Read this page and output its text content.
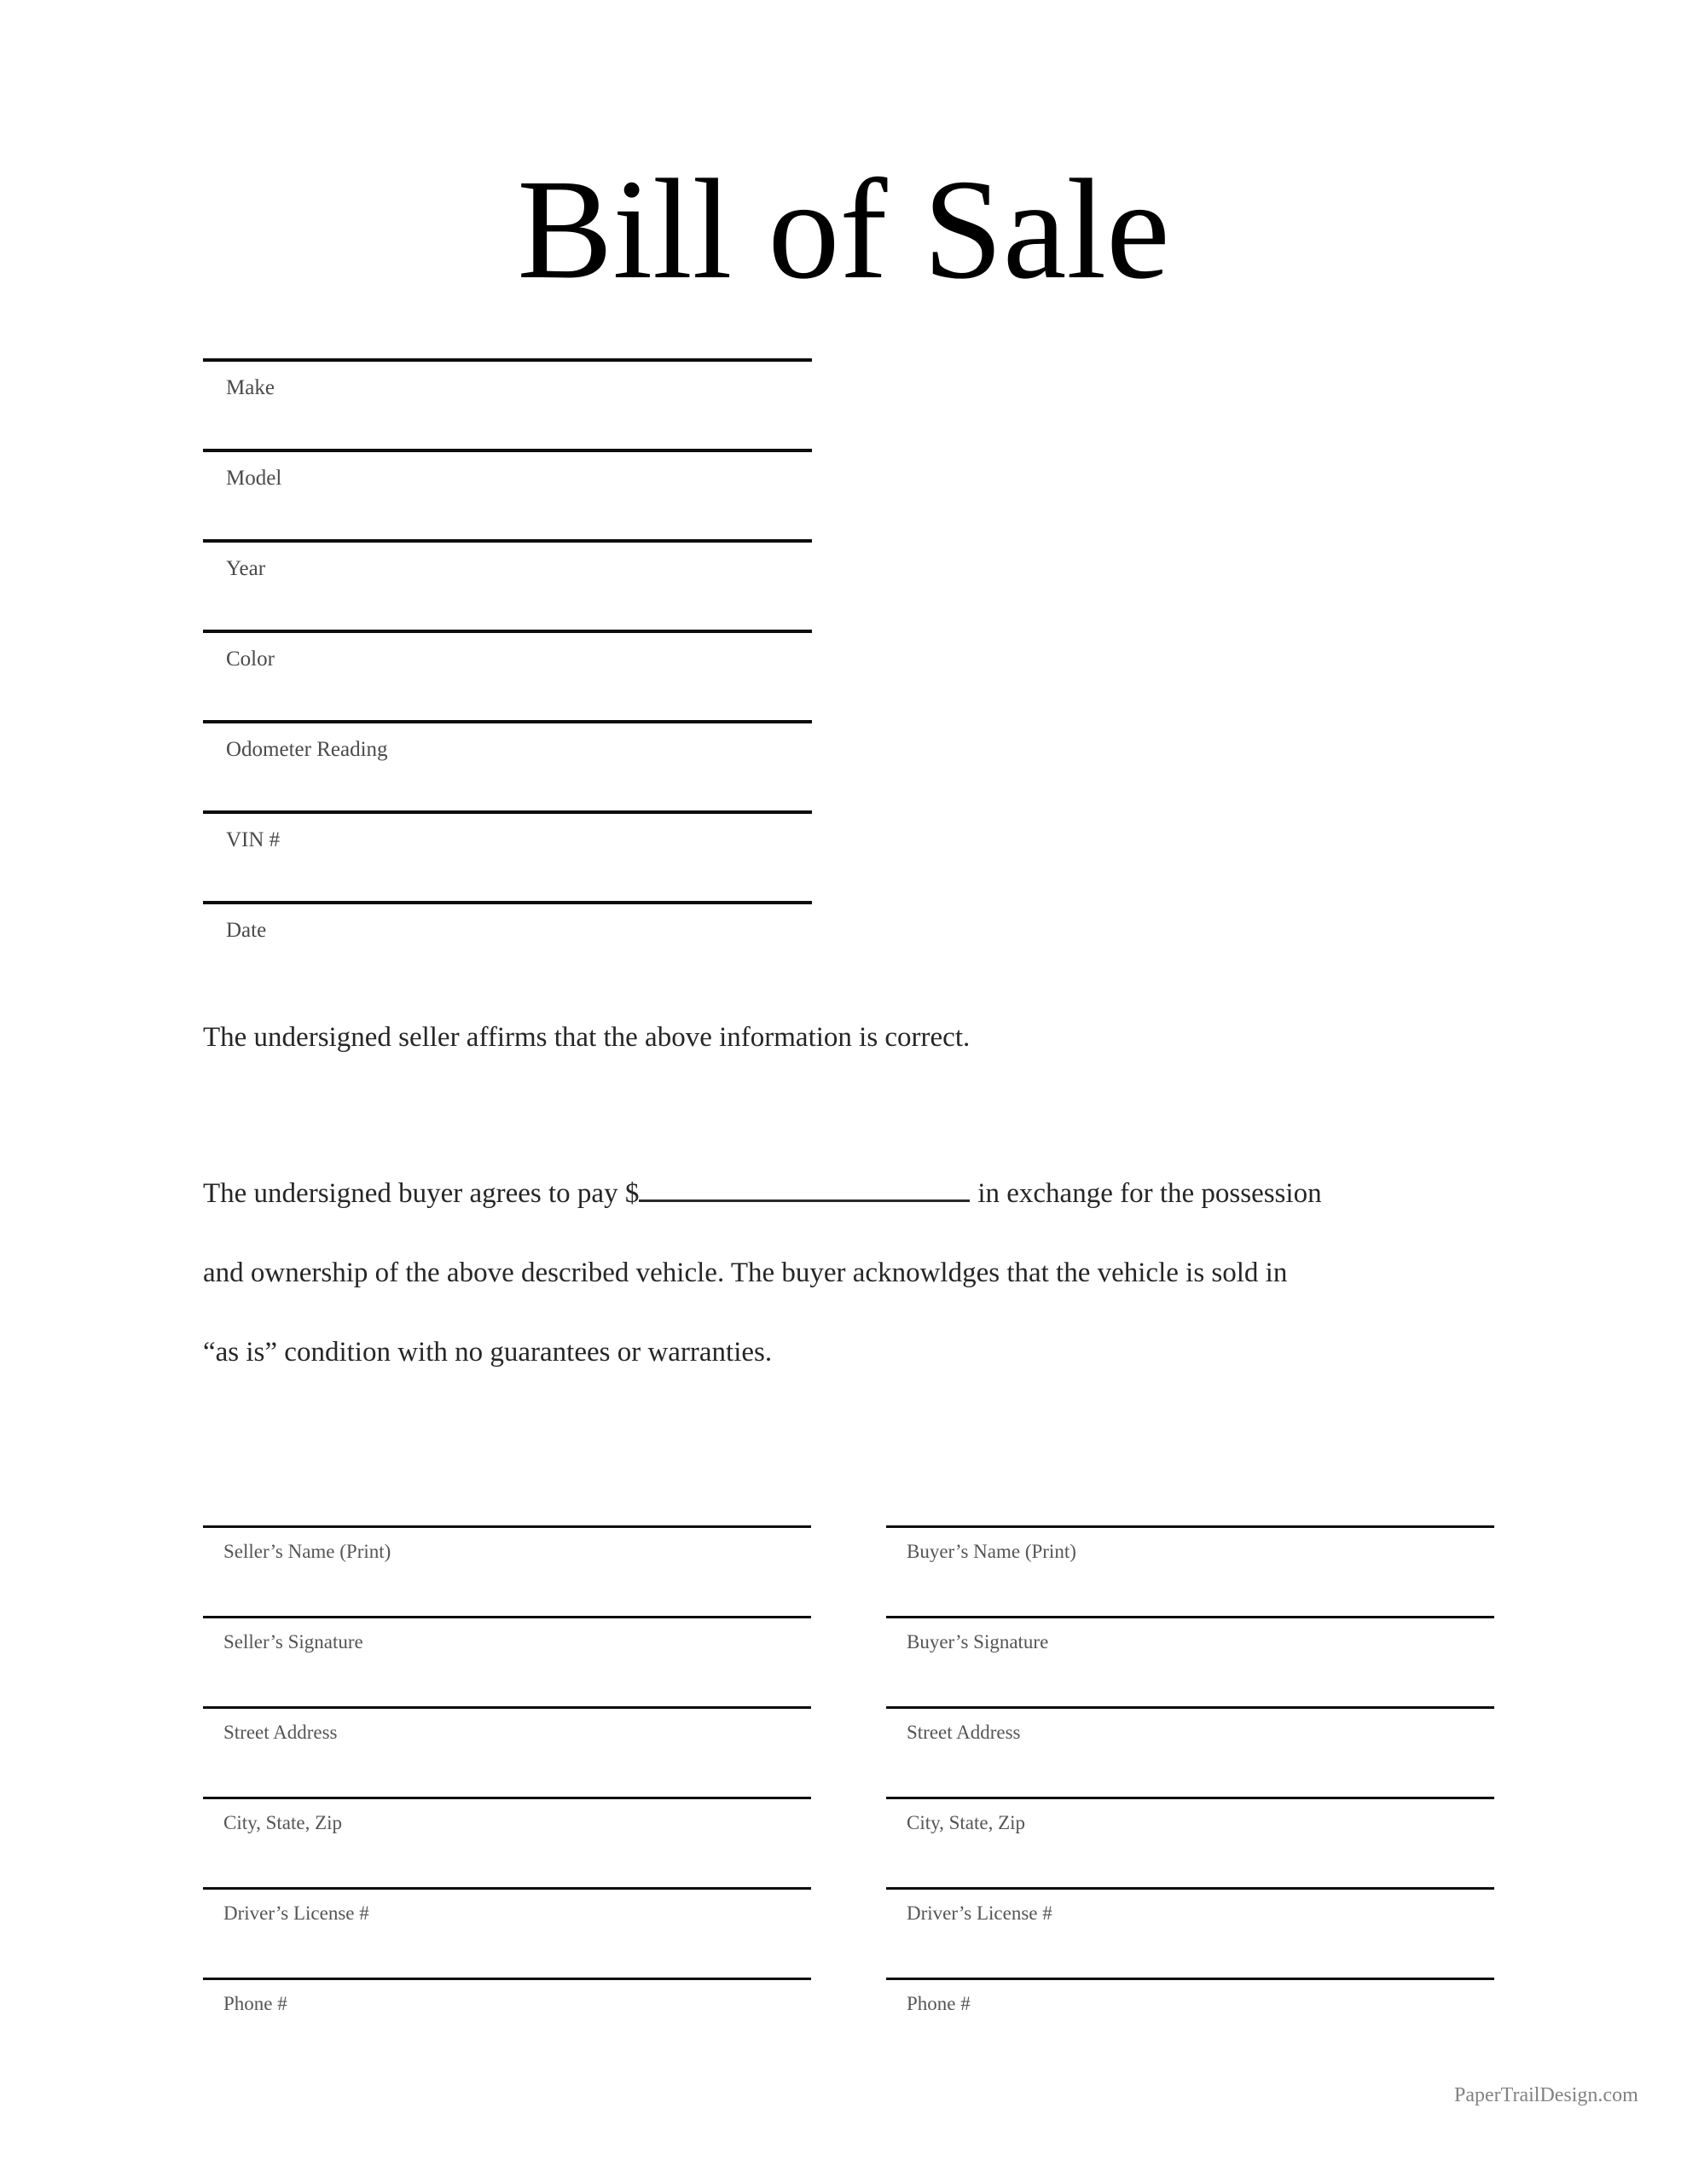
Bill of Sale
Make
Model
Year
Color
Odometer Reading
VIN #
Date

The undersigned seller affirms that the above information is correct.

The undersigned buyer agrees to pay $	in exchange for the possession
and ownership of the above described vehicle. The buyer acknowldges that the vehicle is sold in
“as is” condition with no guarantees or warranties.
Seller’s Name (Print)
Seller’s Signature
Street Address
City, State, Zip
Driver’s License #
Phone #
Buyer’s Name (Print)
Buyer’s Signature
Street Address
City, State, Zip
Driver’s License #
Phone #
PaperTrailDesign.com
